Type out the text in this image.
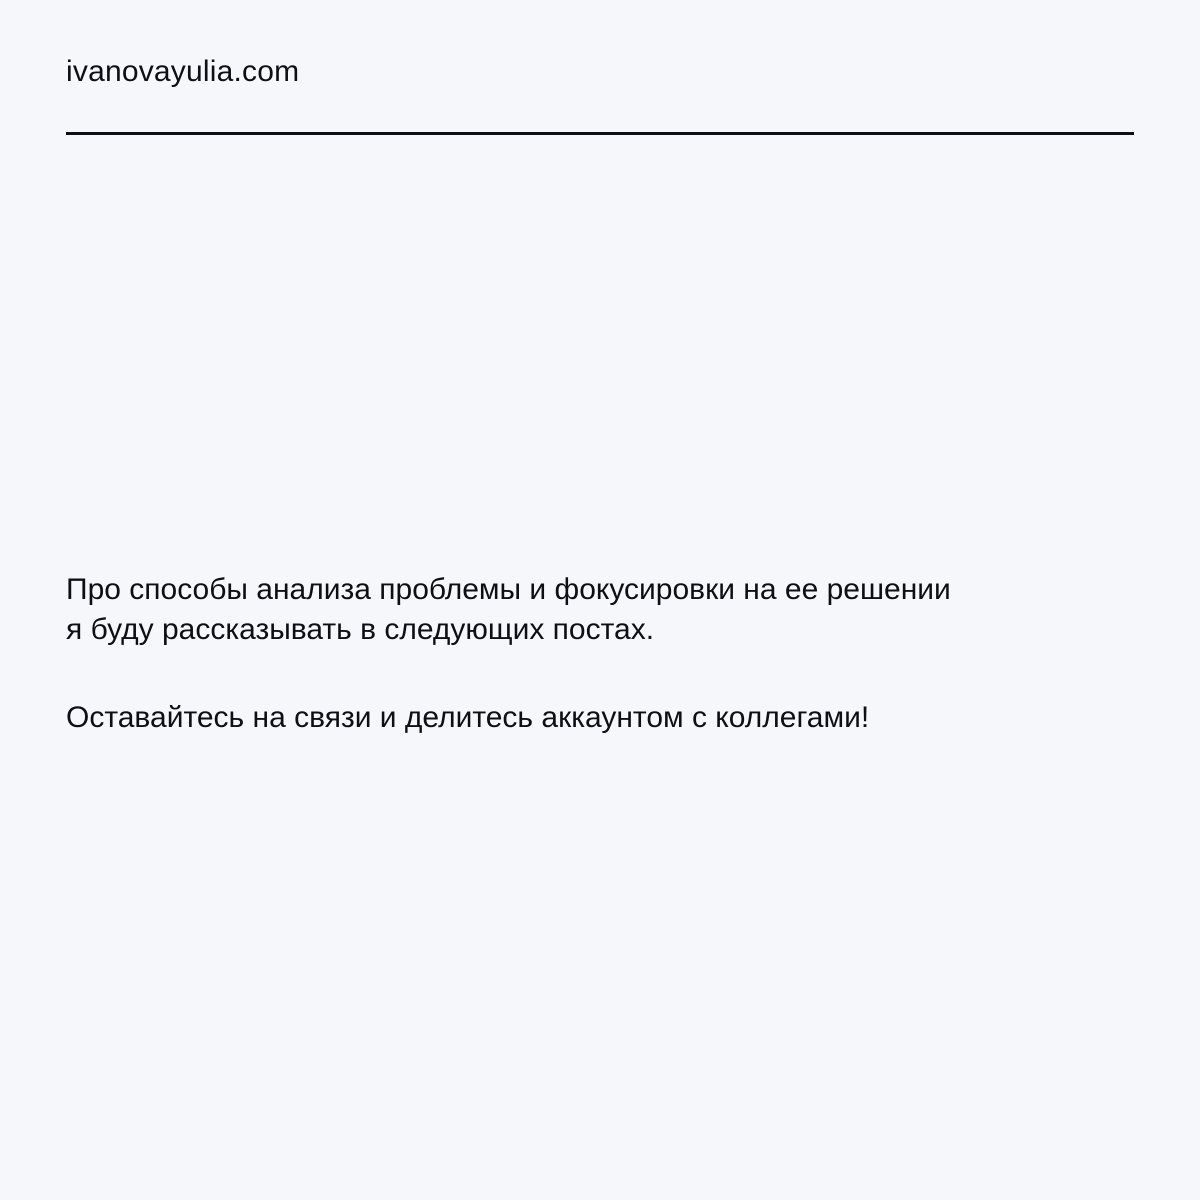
ivanovayulia.com

Про способы анализа проблемы и фокусировки на ее решении

я буду рассказывать в следующих постах.

Оставайтесь на связи и делитесь аккаунтом с коллегами!
